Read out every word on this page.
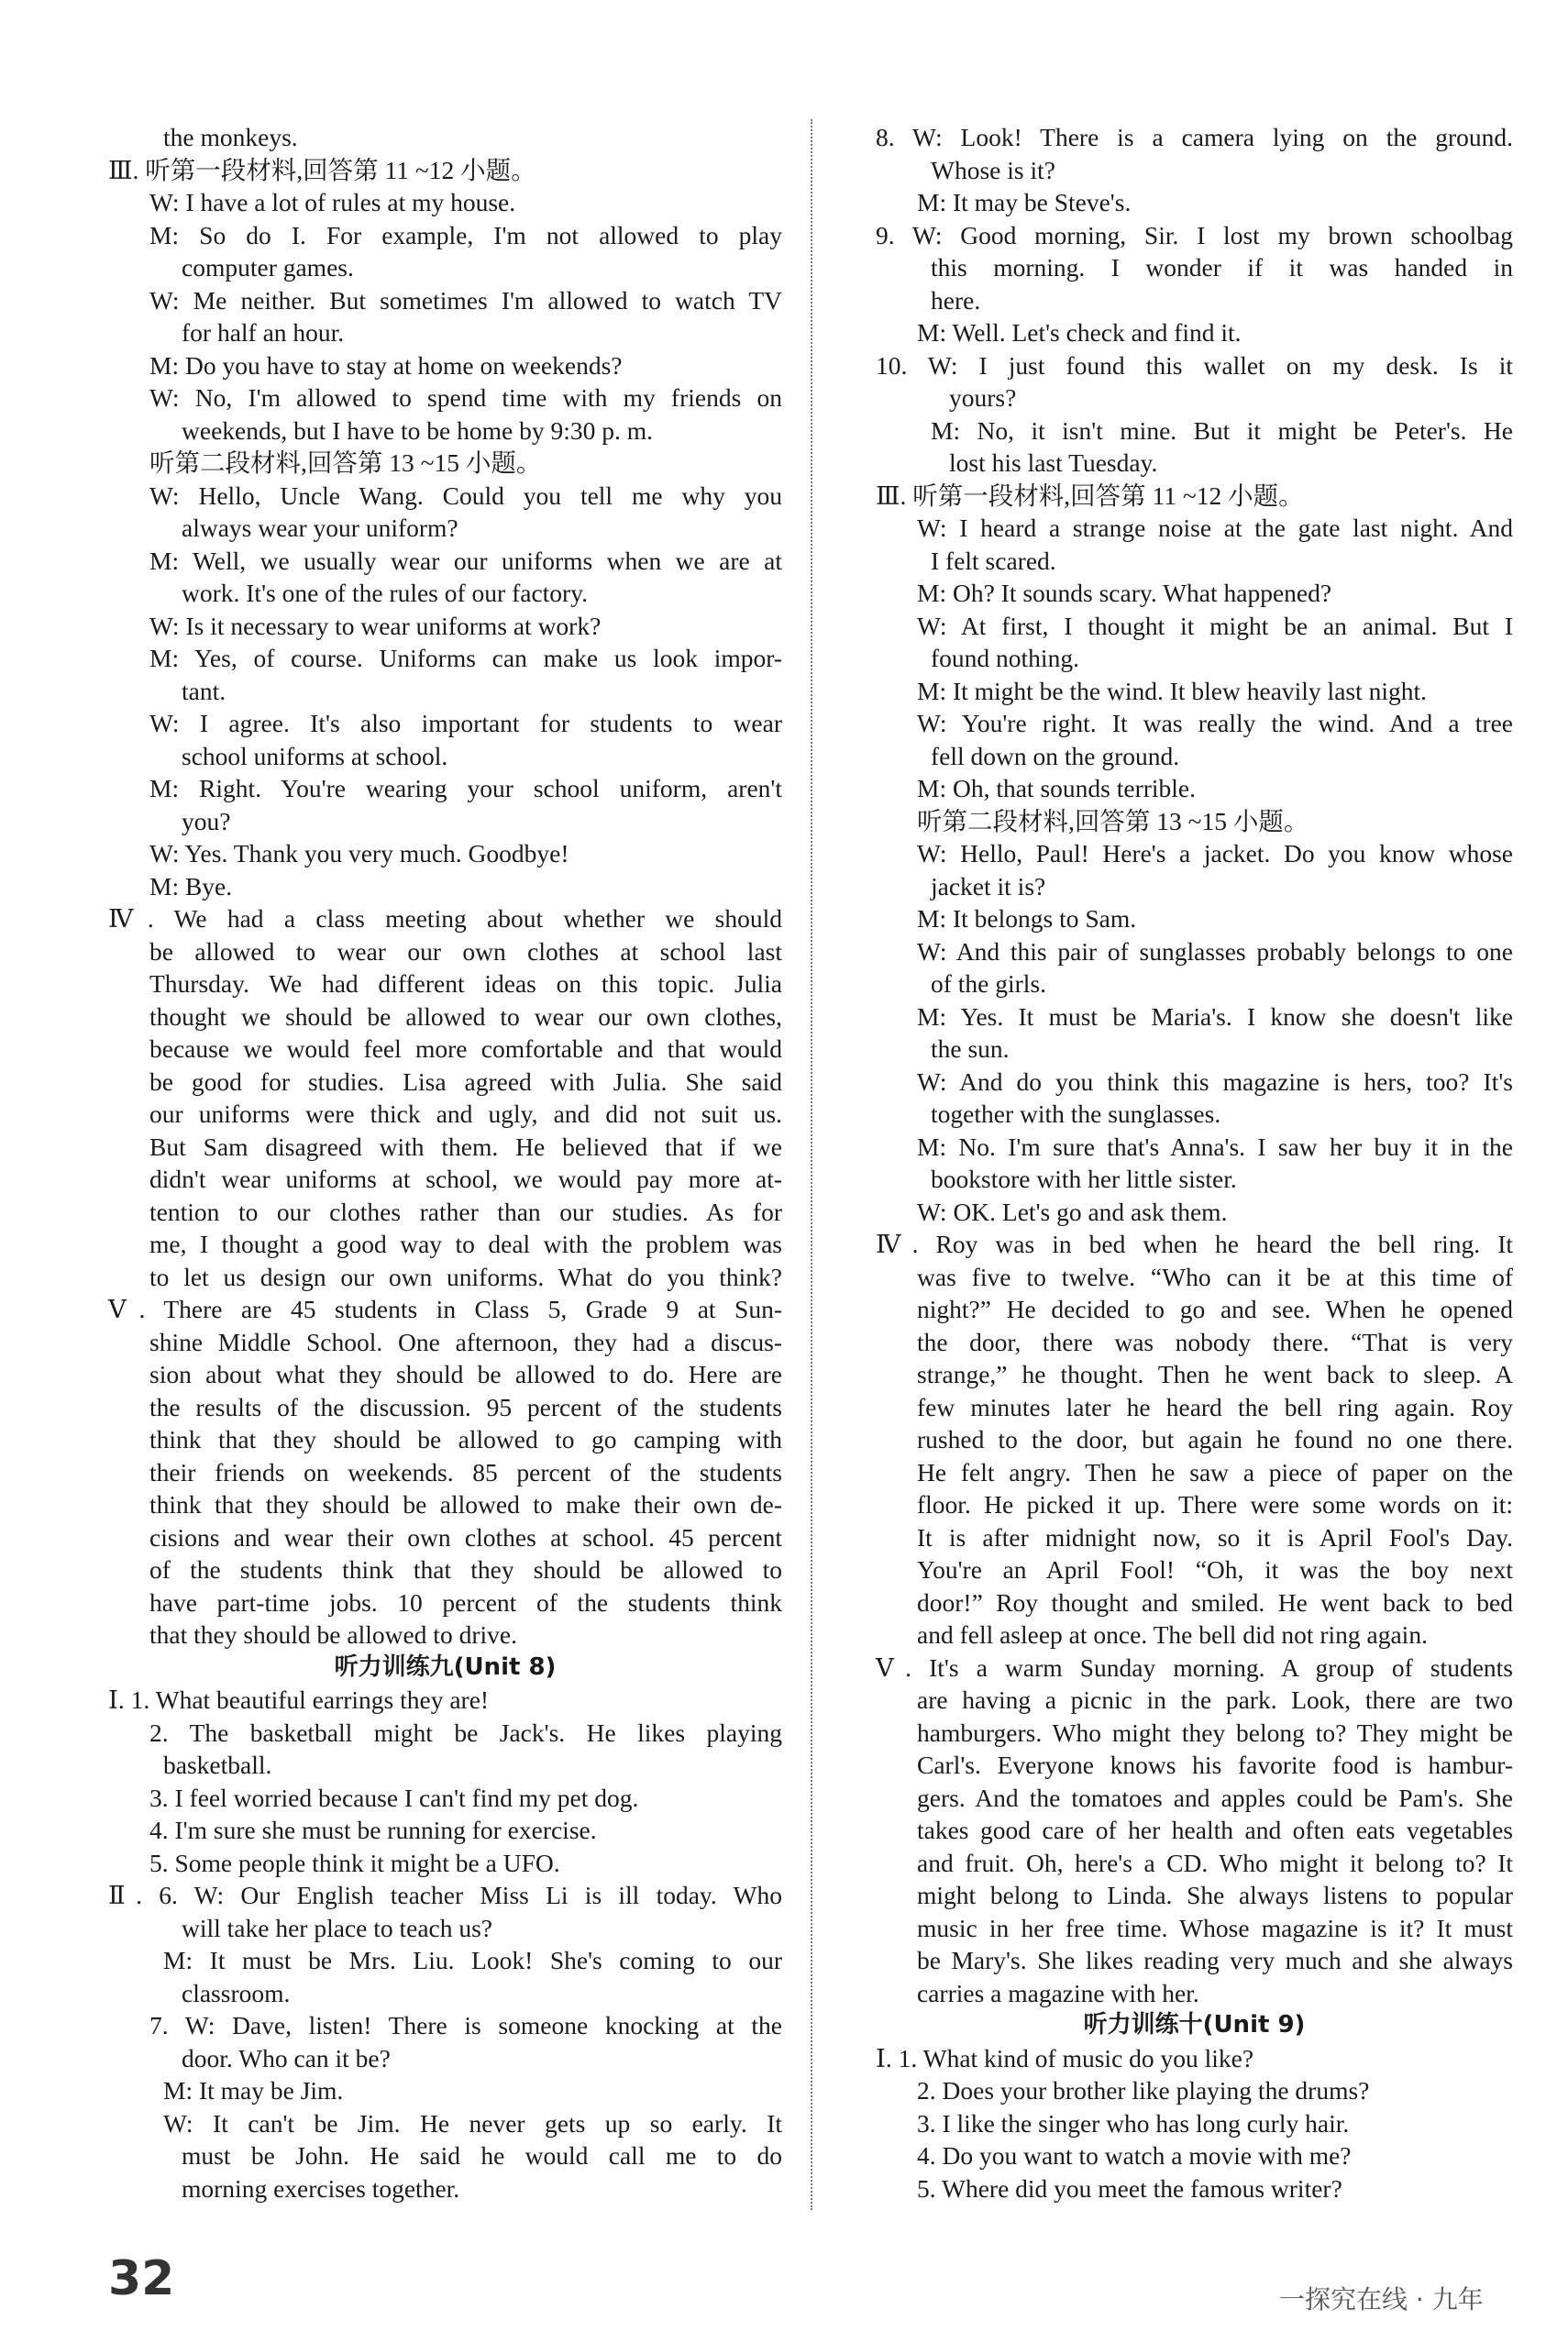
the monkeys.
Ⅲ. 听第一段材料,回答第 11 ~12 小题。
W: I have a lot of rules at my house.
M: So do I. For example, I'm not allowed to play
computer games.
W: Me neither. But sometimes I'm allowed to watch TV
for half an hour.
M: Do you have to stay at home on weekends?
W: No, I'm allowed to spend time with my friends on
weekends, but I have to be home by 9:30 p. m.
听第二段材料,回答第 13 ~15 小题。
W: Hello, Uncle Wang. Could you tell me why you
always wear your uniform?
M: Well, we usually wear our uniforms when we are at
work. It's one of the rules of our factory.
W: Is it necessary to wear uniforms at work?
M: Yes, of course. Uniforms can make us look impor-
tant.
W: I agree. It's also important for students to wear
school uniforms at school.
M: Right. You're wearing your school uniform, aren't
you?
W: Yes. Thank you very much. Goodbye!
M: Bye.
Ⅳ. We had a class meeting about whether we should
be allowed to wear our own clothes at school last
Thursday. We had different ideas on this topic. Julia
thought we should be allowed to wear our own clothes,
because we would feel more comfortable and that would
be good for studies. Lisa agreed with Julia. She said
our uniforms were thick and ugly, and did not suit us.
But Sam disagreed with them. He believed that if we
didn't wear uniforms at school, we would pay more at-
tention to our clothes rather than our studies. As for
me, I thought a good way to deal with the problem was
to let us design our own uniforms. What do you think?
Ⅴ. There are 45 students in Class 5, Grade 9 at Sun-
shine Middle School. One afternoon, they had a discus-
sion about what they should be allowed to do. Here are
the results of the discussion. 95 percent of the students
think that they should be allowed to go camping with
their friends on weekends. 85 percent of the students
think that they should be allowed to make their own de-
cisions and wear their own clothes at school. 45 percent
of the students think that they should be allowed to
have part-time jobs. 10 percent of the students think
that they should be allowed to drive.
听力训练九(Unit 8)
Ⅰ. 1. What beautiful earrings they are!
2. The basketball might be Jack's. He likes playing
basketball.
3. I feel worried because I can't find my pet dog.
4. I'm sure she must be running for exercise.
5. Some people think it might be a UFO.
Ⅱ. 6. W: Our English teacher Miss Li is ill today. Who
will take her place to teach us?
M: It must be Mrs. Liu. Look! She's coming to our
classroom.
7. W: Dave, listen! There is someone knocking at the
door. Who can it be?
M: It may be Jim.
W: It can't be Jim. He never gets up so early. It
must be John. He said he would call me to do
morning exercises together.
8. W: Look! There is a camera lying on the ground.
Whose is it?
M: It may be Steve's.
9. W: Good morning, Sir. I lost my brown schoolbag
this morning. I wonder if it was handed in
here.
M: Well. Let's check and find it.
10. W: I just found this wallet on my desk. Is it
yours?
M: No, it isn't mine. But it might be Peter's. He
lost his last Tuesday.
Ⅲ. 听第一段材料,回答第 11 ~12 小题。
W: I heard a strange noise at the gate last night. And
I felt scared.
M: Oh? It sounds scary. What happened?
W: At first, I thought it might be an animal. But I
found nothing.
M: It might be the wind. It blew heavily last night.
W: You're right. It was really the wind. And a tree
fell down on the ground.
M: Oh, that sounds terrible.
听第二段材料,回答第 13 ~15 小题。
W: Hello, Paul! Here's a jacket. Do you know whose
jacket it is?
M: It belongs to Sam.
W: And this pair of sunglasses probably belongs to one
of the girls.
M: Yes. It must be Maria's. I know she doesn't like
the sun.
W: And do you think this magazine is hers, too? It's
together with the sunglasses.
M: No. I'm sure that's Anna's. I saw her buy it in the
bookstore with her little sister.
W: OK. Let's go and ask them.
Ⅳ. Roy was in bed when he heard the bell ring. It
was five to twelve. “Who can it be at this time of
night?” He decided to go and see. When he opened
the door, there was nobody there. “That is very
strange,” he thought. Then he went back to sleep. A
few minutes later he heard the bell ring again. Roy
rushed to the door, but again he found no one there.
He felt angry. Then he saw a piece of paper on the
floor. He picked it up. There were some words on it:
It is after midnight now, so it is April Fool's Day.
You're an April Fool! “Oh, it was the boy next
door!” Roy thought and smiled. He went back to bed
and fell asleep at once. The bell did not ring again.
Ⅴ. It's a warm Sunday morning. A group of students
are having a picnic in the park. Look, there are two
hamburgers. Who might they belong to? They might be
Carl's. Everyone knows his favorite food is hambur-
gers. And the tomatoes and apples could be Pam's. She
takes good care of her health and often eats vegetables
and fruit. Oh, here's a CD. Who might it belong to? It
might belong to Linda. She always listens to popular
music in her free time. Whose magazine is it? It must
be Mary's. She likes reading very much and she always
carries a magazine with her.
听力训练十(Unit 9)
Ⅰ. 1. What kind of music do you like?
2. Does your brother like playing the drums?
3. I like the singer who has long curly hair.
4. Do you want to watch a movie with me?
5. Where did you meet the famous writer?
32	一探究在线 · 九年
